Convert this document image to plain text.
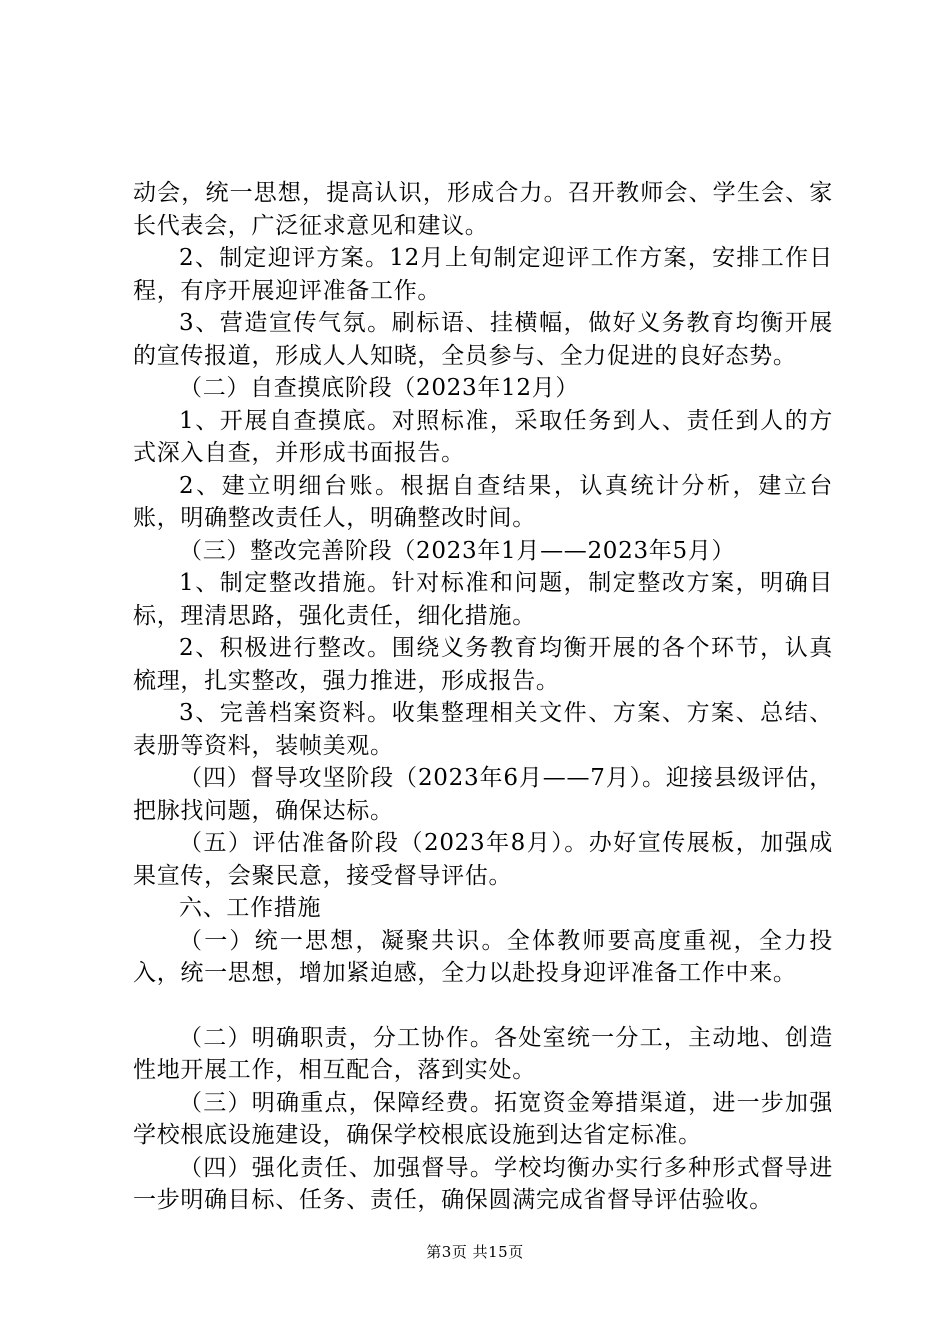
动会，统一思想，提高认识，形成合力。召开教师会、学生会、家长代表会，广泛征求意见和建议。

2、制定迎评方案。12月上旬制定迎评工作方案，安排工作日程，有序开展迎评准备工作。

3、营造宣传气氛。刷标语、挂横幅，做好义务教育均衡开展的宣传报道，形成人人知晓，全员参与、全力促进的良好态势。

（二）自查摸底阶段（2023年12月）

1、开展自查摸底。对照标准，采取任务到人、责任到人的方式深入自查，并形成书面报告。

2、建立明细台账。根据自查结果，认真统计分析，建立台账，明确整改责任人，明确整改时间。

（三）整改完善阶段（2023年1月——2023年5月）

1、制定整改措施。针对标准和问题，制定整改方案，明确目标，理清思路，强化责任，细化措施。

2、积极进行整改。围绕义务教育均衡开展的各个环节，认真梳理，扎实整改，强力推进，形成报告。

3、完善档案资料。收集整理相关文件、方案、方案、总结、表册等资料，装帧美观。

（四）督导攻坚阶段（2023年6月——7月）。迎接县级评估，把脉找问题，确保达标。

（五）评估准备阶段（2023年8月）。办好宣传展板，加强成果宣传，会聚民意，接受督导评估。

六、工作措施

（一）统一思想，凝聚共识。全体教师要高度重视，全力投入，统一思想，增加紧迫感，全力以赴投身迎评准备工作中来。

（二）明确职责，分工协作。各处室统一分工，主动地、创造性地开展工作，相互配合，落到实处。

（三）明确重点，保障经费。拓宽资金筹措渠道，进一步加强学校根底设施建设，确保学校根底设施到达省定标准。

（四）强化责任、加强督导。学校均衡办实行多种形式督导进一步明确目标、任务、责任，确保圆满完成省督导评估验收。

第3页 共15页
